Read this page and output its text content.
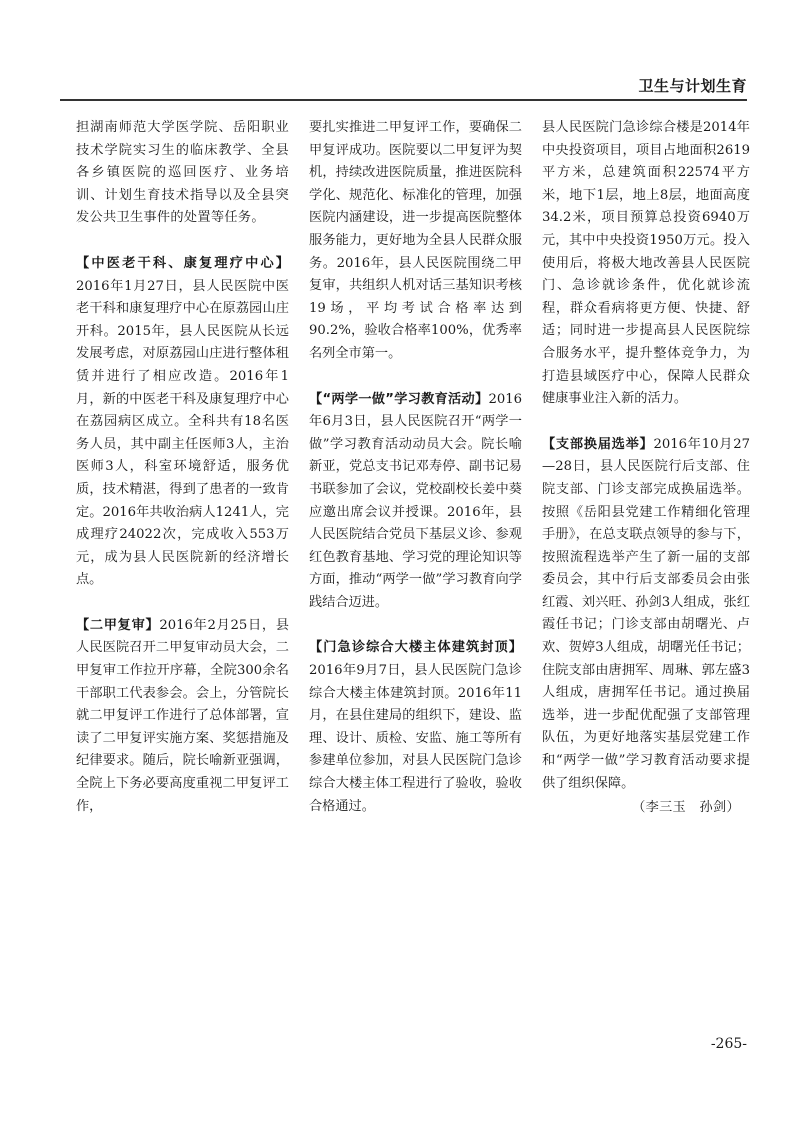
卫生与计划生育

担湖南师范大学医学院、岳阳职业技术学院实习生的临床教学、全县各乡镇医院的巡回医疗、业务培训、计划生育技术指导以及全县突发公共卫生事件的处置等任务。

【中医老干科、康复理疗中心】2016年1月27日，县人民医院中医老干科和康复理疗中心在原荔园山庄开科。2015年，县人民医院从长远发展考虑，对原荔园山庄进行整体租赁并进行了相应改造。2016年1月，新的中医老干科及康复理疗中心在荔园病区成立。全科共有18名医务人员，其中副主任医师3人，主治医师3人，科室环境舒适，服务优质，技术精湛，得到了患者的一致肯定。2016年共收治病人1241人，完成理疗24022次，完成收入553万元，成为县人民医院新的经济增长点。

【二甲复审】2016年2月25日，县人民医院召开二甲复审动员大会，二甲复审工作拉开序幕，全院300余名干部职工代表参会。会上，分管院长就二甲复评工作进行了总体部署，宣读了二甲复评实施方案、奖惩措施及纪律要求。随后，院长喻新亚强调，全院上下务必要高度重视二甲复评工作，

要扎实推进二甲复评工作，要确保二甲复评成功。医院要以二甲复评为契机，持续改进医院质量，推进医院科学化、规范化、标准化的管理，加强医院内涵建设，进一步提高医院整体服务能力，更好地为全县人民群众服务。2016年，县人民医院围绕二甲复审，共组织人机对话三基知识考核19场，平均考试合格率达到90.2%，验收合格率100%，优秀率名列全市第一。

【“两学一做”学习教育活动】2016年6月3日，县人民医院召开“两学一做”学习教育活动动员大会。院长喻新亚，党总支书记邓寿停、副书记易书联参加了会议，党校副校长姜中葵应邀出席会议并授课。2016年，县人民医院结合党员下基层义诊、参观红色教育基地、学习党的理论知识等方面，推动“两学一做”学习教育向学践结合迈进。

【门急诊综合大楼主体建筑封顶】2016年9月7日，县人民医院门急诊综合大楼主体建筑封顶。2016年11月，在县住建局的组织下，建设、监理、设计、质检、安监、施工等所有参建单位参加，对县人民医院门急诊综合大楼主体工程进行了验收，验收合格通过。

县人民医院门急诊综合楼是2014年中央投资项目，项目占地面积2619平方米，总建筑面积22574平方米，地下1层，地上8层，地面高度34.2米，项目预算总投资6940万元，其中中央投资1950万元。投入使用后，将极大地改善县人民医院门、急诊就诊条件，优化就诊流程，群众看病将更方便、快捷、舒适；同时进一步提高县人民医院综合服务水平，提升整体竞争力，为打造县域医疗中心，保障人民群众健康事业注入新的活力。

【支部换届选举】2016年10月27—28日，县人民医院行后支部、住院支部、门诊支部完成换届选举。按照《岳阳县党建工作精细化管理手册》，在总支联点领导的参与下，按照流程选举产生了新一届的支部委员会，其中行后支部委员会由张红霞、刘兴旺、孙剑3人组成，张红霞任书记；门诊支部由胡曙光、卢欢、贺婷3人组成，胡曙光任书记；住院支部由唐拥军、周琳、郭左盛3人组成，唐拥军任书记。通过换届选举，进一步配优配强了支部管理队伍，为更好地落实基层党建工作和“两学一做”学习教育活动要求提供了组织保障。

（李三玉　孙剑）
-265-
